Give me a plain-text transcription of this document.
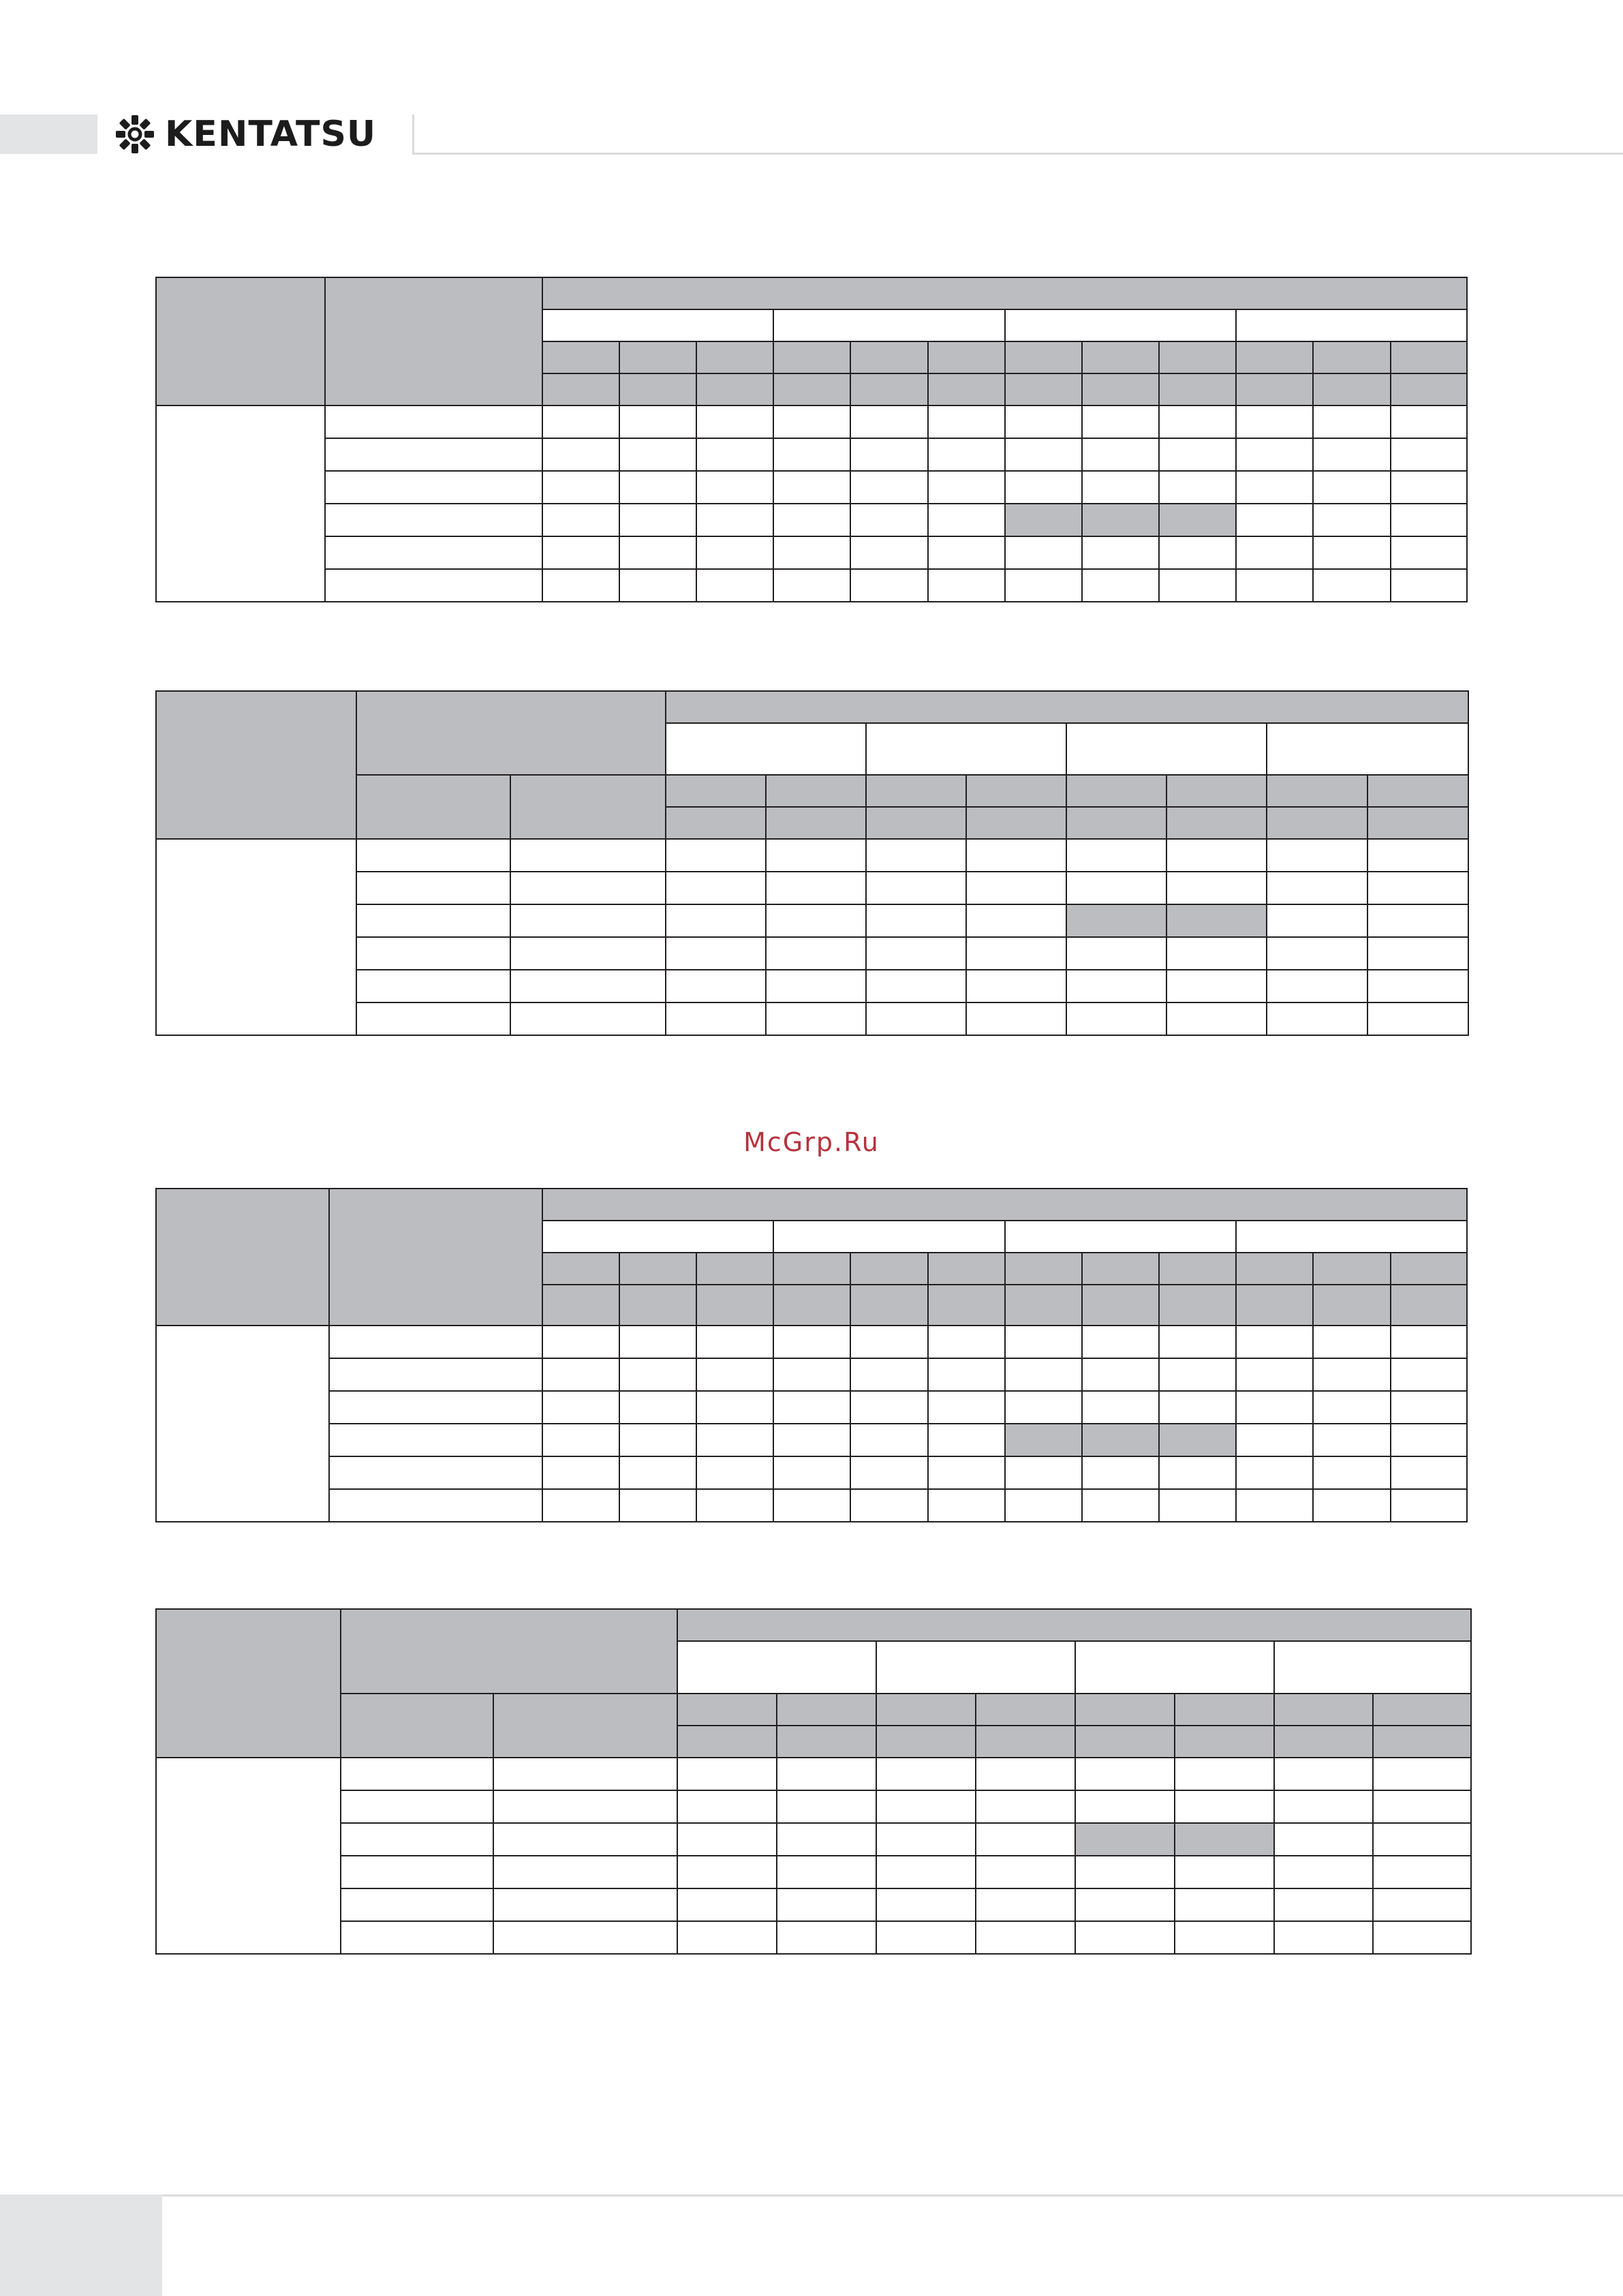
KENTATSU

McGrp.Ru
